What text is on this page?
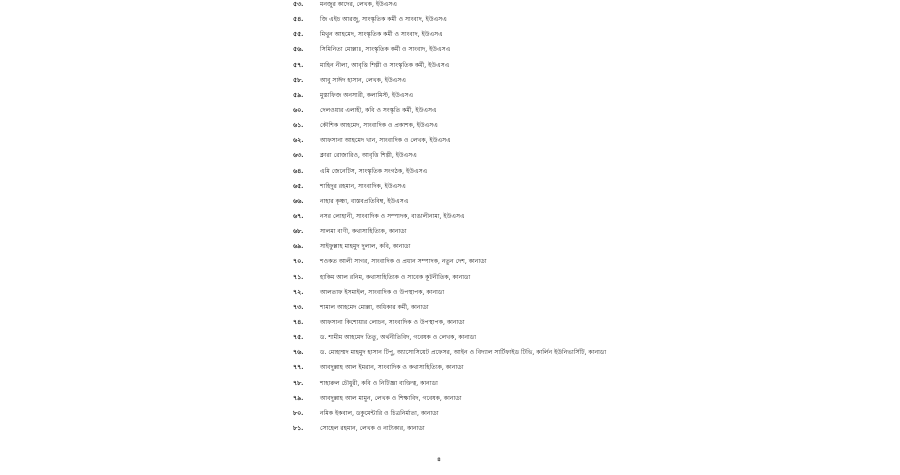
৫৩.	মনজুর কাদের, লেখক, ইউএসএ
৫৪.	জি এইচ আরজু, সাংস্কৃতিক কর্মী ও সাংবাদ, ইউএসএ
৫৫.	মিথুন আহমেদ, সাংস্কৃতিক কর্মী ও সাংবাদ, ইউএসএ
৫৬.	সিমিনিতা মোল্লাঃ, সাংস্কৃতিক কর্মী ও সাংবাদ, ইউএসএ
৫৭.	মাহিন নীলা, আবৃত্তি শিল্পী ও সাংস্কৃতিক কর্মী, ইউএসএ
৫৮.	আবু সাঈদ হাসান, লেখক, ইউএসএ
৫৯.	মুস্তাফিজ অনসারী, কলামিস্ট, ইউএসএ
৬০.	দেলওয়ার এলাহী, কবি ও সংস্কৃতি কর্মী, ইউএসএ
৬১.	কৌশিক আহমেদ, সাংবাদিক ও প্রকাশক, ইউএসএ
৬২.	আফসানা আহমেদ খান, সাংবাদিক ও লেখক, ইউএসএ
৬৩.	ক্লারা রোজারিও, আবৃত্তি শিল্পী, ইউএসএ
৬৪.	এমি জেনেটিস, সাংস্কৃতিক সংগঠক, ইউএসএ
৬৫.	শাহিদুর রহমান, সাংবাদিক, ইউএসএ
৬৬.	নাহার কৃষ্ণা, বাস্তবপ্রতিবিম্ব, ইউএসএ
৬৭.	নসর লোহানী, সাংবাদিক ও সম্পাদক, বাঙালীনামা, ইউএসএ
৬৮.	সালমা বাণী, কথাসাহিত্যিক, কানাডা
৬৯.	সাইফুল্লাহ মাহমুদ দুলাল, কবি, কানাডা
৭০.	শওকত আলী সাগর, সাংবাদিক ও প্রধান সম্পাদক, নতুন দেশ, কানাডা
৭১.	হাকিম আল রনিম, কথাসাহিত্যিক ও সাবেক কূটনীতিক, কানাডা
৭২.	আলতাফ ইসমাইল, সাংবাদিক ও উপস্থাপক, কানাডা
৭৩.	শামাল আহমেদ মোল্লা, অধিকার কর্মী, কানাডা
৭৪.	আফসানা কিশোয়ার লোচন, সাংবাদিক ও উপস্থাপক, কানাডা
৭৫.	ড. শামীম আহমেদ তিতু, অর্থনীতিবিদ, গবেষক ও লেখক, কানাডা
৭৬.	ড. মোহাম্মদ মাহমুদ হাসান টিপু, অ্যাসোসিয়েট প্রফেসর, আইন ও বিদ্যাল সার্টিফাইড টিভি, কার্লিন ইউনিভার্সিটি, কানাডা
৭৭.	আবদুল্লাহ আল ইমরান, সাংবাদিক ও কথাসাহিত্যিক, কানাডা
৭৮.	শাহারুল চৌধুরী, কবি ও নিটিজ্ঞা ব্যক্তিত্ব, কানাডা
৭৯.	আবদুল্লাহ আল মামুন, লেখক ও শিক্ষাবিদ, গবেষক, কানাডা
৮০.	নমিক ইকবাল, ডকুমেন্টারি ও চিত্রনির্মাতা, কানাডা
৮১.	সোহেল রহমান, লেখক ও নাট্যকার, কানাডা
৪
